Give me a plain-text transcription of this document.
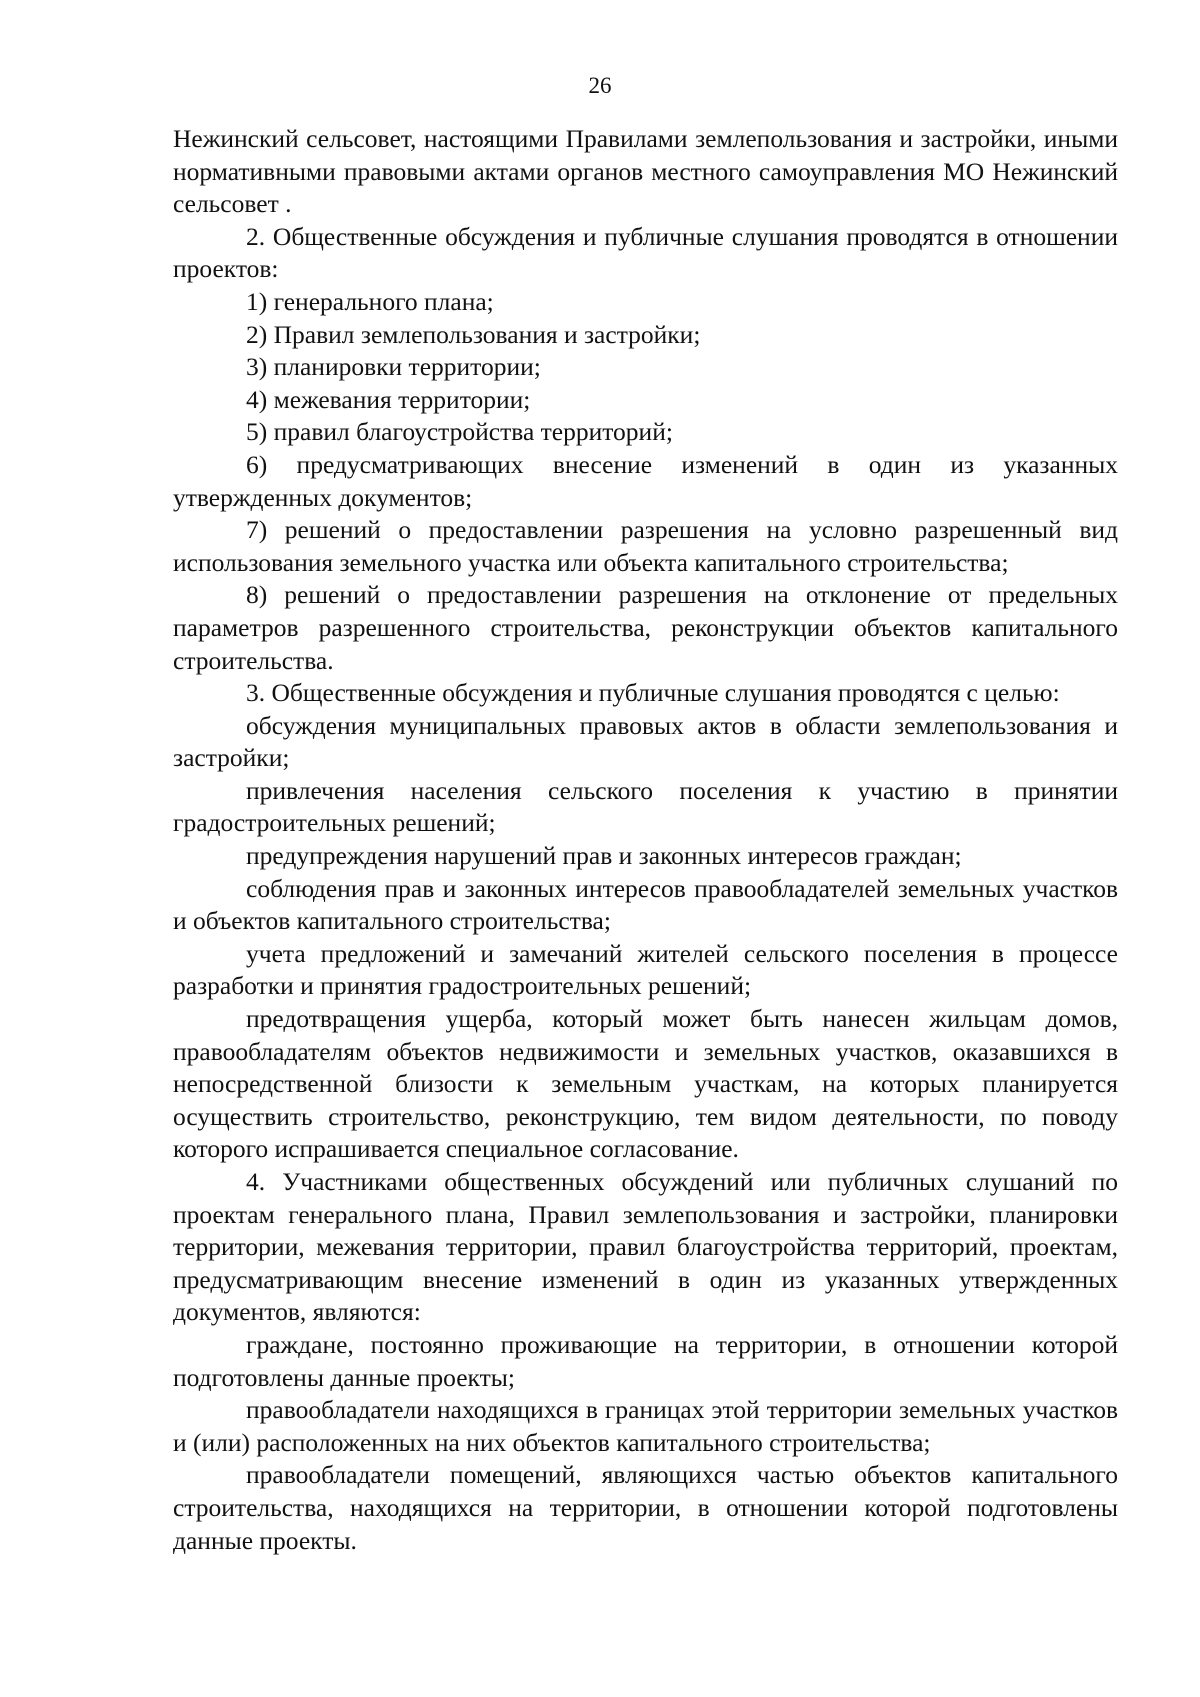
26

Нежинский сельсовет, настоящими Правилами землепользования и застройки, иными нормативными правовыми актами органов местного самоуправления МО Нежинский сельсовет .

2. Общественные обсуждения и публичные слушания проводятся в отношении проектов:

1) генерального плана;

2) Правил землепользования и застройки;

3) планировки территории;

4) межевания территории;

5) правил благоустройства территорий;

6) предусматривающих внесение изменений в один из указанных утвержденных документов;

7) решений о предоставлении разрешения на условно разрешенный вид использования земельного участка или объекта капитального строительства;

8) решений о предоставлении разрешения на отклонение от предельных параметров разрешенного строительства, реконструкции объектов капитального строительства.

3. Общественные обсуждения и публичные слушания проводятся с целью:

обсуждения муниципальных правовых актов в области землепользования и застройки;

привлечения населения сельского поселения к участию в принятии градостроительных решений;

предупреждения нарушений прав и законных интересов граждан;

соблюдения прав и законных интересов правообладателей земельных участков и объектов капитального строительства;

учета предложений и замечаний жителей сельского поселения в процессе разработки и принятия градостроительных решений;

предотвращения ущерба, который может быть нанесен жильцам домов, правообладателям объектов недвижимости и земельных участков, оказавшихся в непосредственной близости к земельным участкам, на которых планируется осуществить строительство, реконструкцию, тем видом деятельности, по поводу которого испрашивается специальное согласование.

4. Участниками общественных обсуждений или публичных слушаний по проектам генерального плана, Правил землепользования и застройки, планировки территории, межевания территории, правил благоустройства территорий, проектам, предусматривающим внесение изменений в один из указанных утвержденных документов, являются:

граждане, постоянно проживающие на территории, в отношении которой подготовлены данные проекты;

правообладатели находящихся в границах этой территории земельных участков и (или) расположенных на них объектов капитального строительства;

правообладатели помещений, являющихся частью объектов капитального строительства, находящихся на территории, в отношении которой подготовлены данные проекты.
